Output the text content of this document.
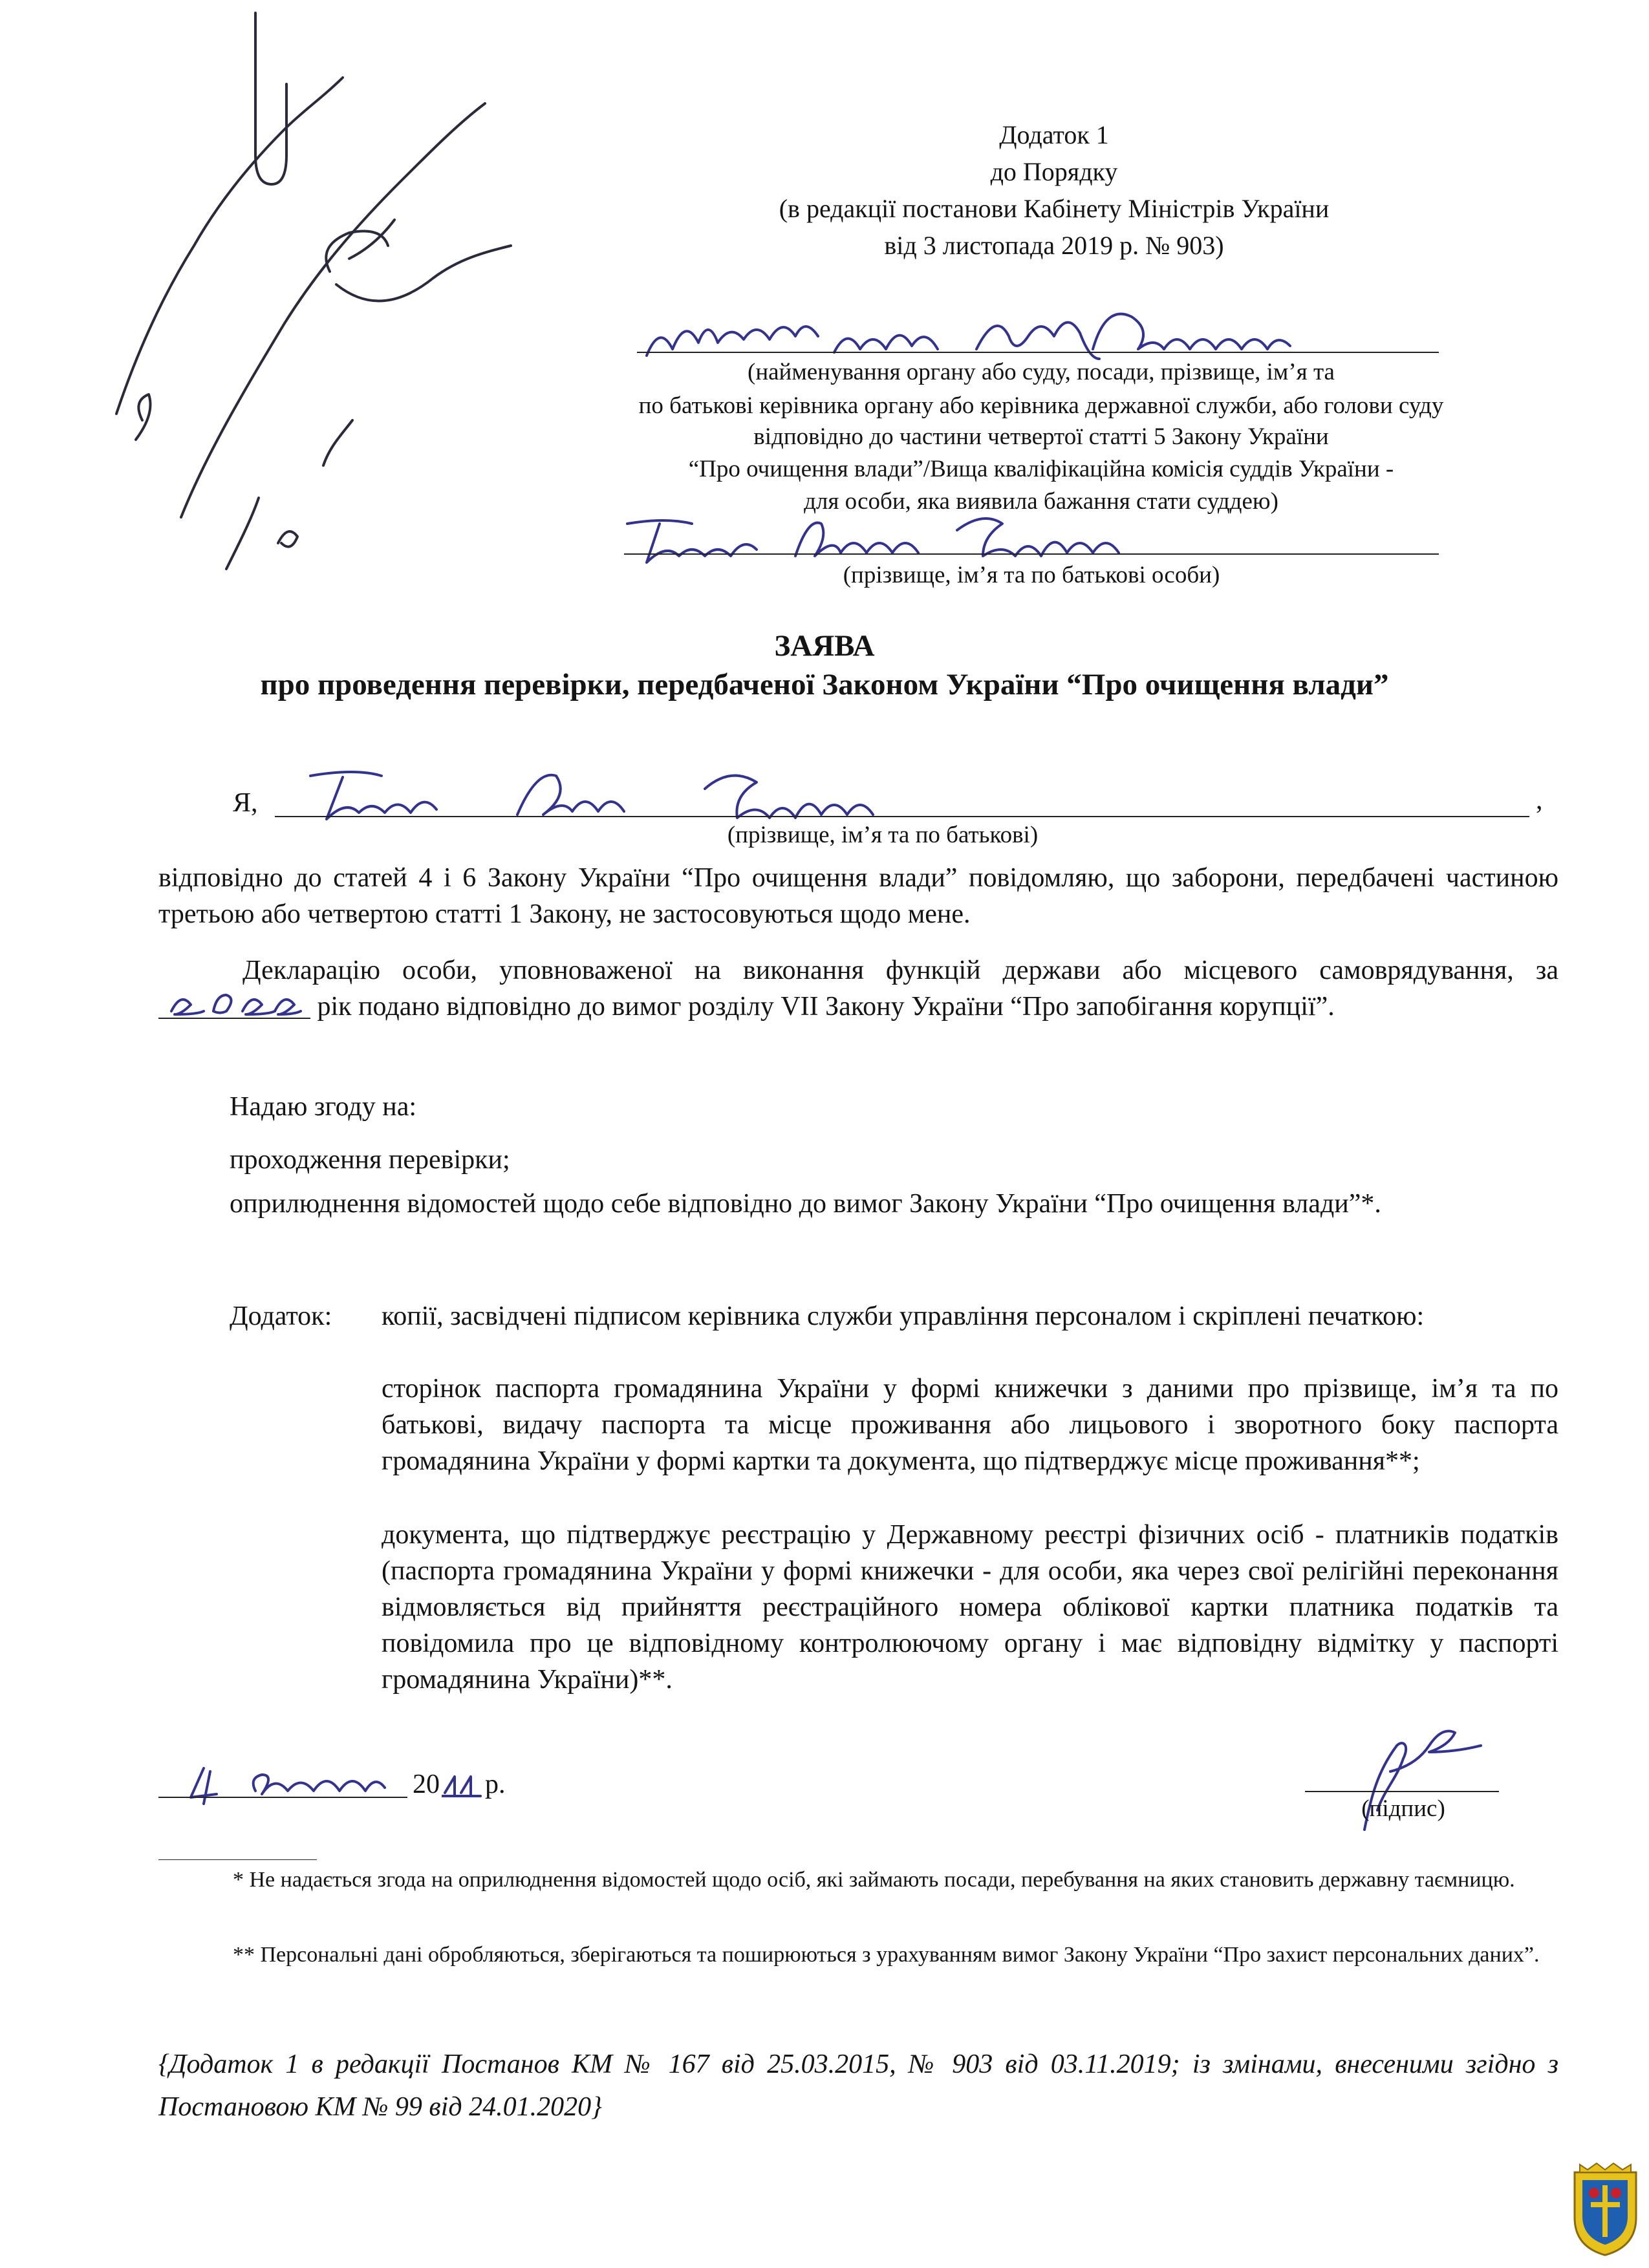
Додаток 1
до Порядку
(в редакції постанови Кабінету Міністрів України
від 3 листопада 2019 р. № 903)
(найменування органу або суду, посади, прізвище, ім’я та
по батькові керівника органу або керівника державної служби, або голови суду
відповідно до частини четвертої статті 5 Закону України
“Про очищення влади”/Вища кваліфікаційна комісія суддів України -
для особи, яка виявила бажання стати суддею)
(прізвище, ім’я та по батькові особи)
ЗАЯВА
про проведення перевірки, передбаченої Законом України “Про очищення влади”
Я,	,
(прізвище, ім’я та по батькові)
відповідно до статей 4 і 6 Закону України “Про очищення влади” повідомляю, що заборони, передбачені частиною третьою або четвертою статті 1 Закону, не застосовуються щодо мене.
Декларацію особи, уповноваженої на виконання функцій держави або місцевого самоврядування, за
рік подано відповідно до вимог розділу VII Закону України “Про запобігання корупції”.
Надаю згоду на:
проходження перевірки;
оприлюднення відомостей щодо себе відповідно до вимог Закону України “Про очищення влади”*.
Додаток: копії, засвідчені підписом керівника служби управління персоналом і скріплені печаткою:
сторінок паспорта громадянина України у формі книжечки з даними про прізвище, ім’я та по батькові, видачу паспорта та місце проживання або лицьового і зворотного боку паспорта громадянина України у формі картки та документа, що підтверджує місце проживання**;
документа, що підтверджує реєстрацію у Державному реєстрі фізичних осіб - платників податків (паспорта громадянина України у формі книжечки - для особи, яка через свої релігійні переконання відмовляється від прийняття реєстраційного номера облікової картки платника податків та повідомила про це відповідному контролюючому органу і має відповідну відмітку у паспорті громадянина України)**.
20 р.
(підпис)
* Не надається згода на оприлюднення відомостей щодо осіб, які займають посади, перебування на яких становить державну таємницю.
** Персональні дані обробляються, зберігаються та поширюються з урахуванням вимог Закону України “Про захист персональних даних”.
{Додаток 1 в редакції Постанов КМ № 167 від 25.03.2015, № 903 від 03.11.2019; із змінами, внесеними згідно з Постановою КМ № 99 від 24.01.2020}
